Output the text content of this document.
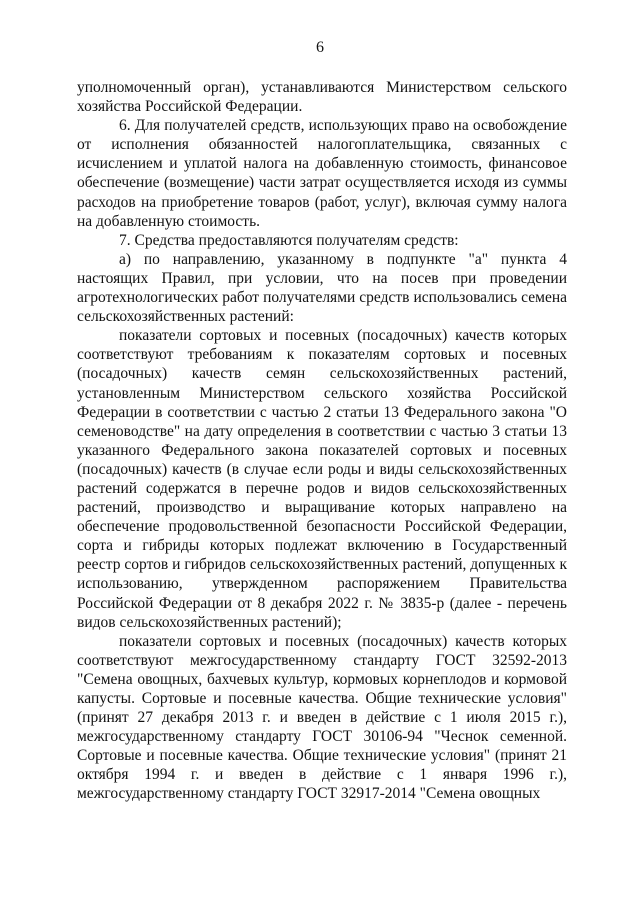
6

уполномоченный орган), устанавливаются Министерством сельского хозяйства Российской Федерации.

6. Для получателей средств, использующих право на освобождение от исполнения обязанностей налогоплательщика, связанных с исчислением и уплатой налога на добавленную стоимость, финансовое обеспечение (возмещение) части затрат осуществляется исходя из суммы расходов на приобретение товаров (работ, услуг), включая сумму налога на добавленную стоимость.

7. Средства предоставляются получателям средств:

а) по направлению, указанному в подпункте "а" пункта 4 настоящих Правил, при условии, что на посев при проведении агротехнологических работ получателями средств использовались семена сельскохозяйственных растений:

показатели сортовых и посевных (посадочных) качеств которых соответствуют требованиям к показателям сортовых и посевных (посадочных) качеств семян сельскохозяйственных растений, установленным Министерством сельского хозяйства Российской Федерации в соответствии с частью 2 статьи 13 Федерального закона "О семеноводстве" на дату определения в соответствии с частью 3 статьи 13 указанного Федерального закона показателей сортовых и посевных (посадочных) качеств (в случае если роды и виды сельскохозяйственных растений содержатся в перечне родов и видов сельскохозяйственных растений, производство и выращивание которых направлено на обеспечение продовольственной безопасности Российской Федерации, сорта и гибриды которых подлежат включению в Государственный реестр сортов и гибридов сельскохозяйственных растений, допущенных к использованию, утвержденном распоряжением Правительства Российской Федерации от 8 декабря 2022 г. № 3835-р (далее - перечень видов сельскохозяйственных растений);

показатели сортовых и посевных (посадочных) качеств которых соответствуют межгосударственному стандарту ГОСТ 32592-2013 "Семена овощных, бахчевых культур, кормовых корнеплодов и кормовой капусты. Сортовые и посевные качества. Общие технические условия" (принят 27 декабря 2013 г. и введен в действие с 1 июля 2015 г.), межгосударственному стандарту ГОСТ 30106-94 "Чеснок семенной. Сортовые и посевные качества. Общие технические условия" (принят 21 октября 1994 г. и введен в действие с 1 января 1996 г.), межгосударственному стандарту ГОСТ 32917-2014 "Семена овощных
